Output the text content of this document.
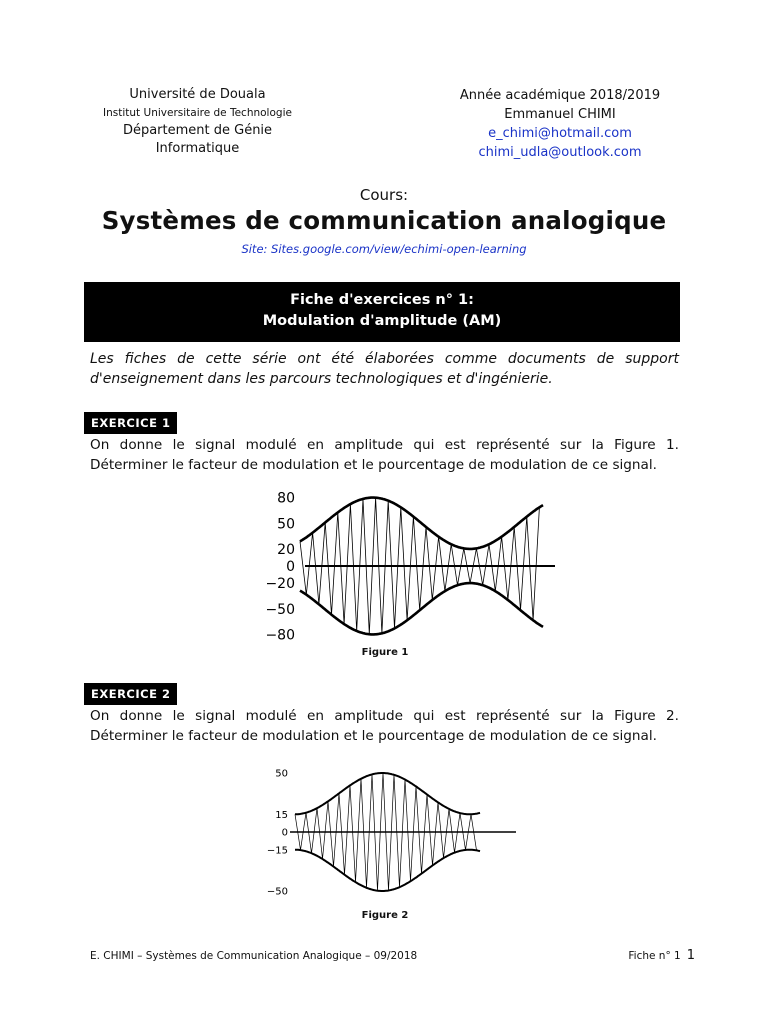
Université de Douala
Institut Universitaire de Technologie
Département de Génie
Informatique
Année académique 2018/2019
Emmanuel CHIMI
e_chimi@hotmail.com
chimi_udla@outlook.com
Cours:
Systèmes de communication analogique
Site: Sites.google.com/view/echimi-open-learning
Fiche d'exercices n° 1:
Modulation d'amplitude (AM)
Les fiches de cette série ont été élaborées comme documents de support d'enseignement dans les parcours technologiques et d'ingénierie.
EXERCICE 1
On donne le signal modulé en amplitude qui est représenté sur la Figure 1. Déterminer le facteur de modulation et le pourcentage de modulation de ce signal.
80
50
20
0
−20
−50
−80
Figure 1
EXERCICE 2
On donne le signal modulé en amplitude qui est représenté sur la Figure 2. Déterminer le facteur de modulation et le pourcentage de modulation de ce signal.
50
15
0
−15
−50
Figure 2
E. CHIMI – Systèmes de Communication Analogique – 09/2018	Fiche n° 1 1
